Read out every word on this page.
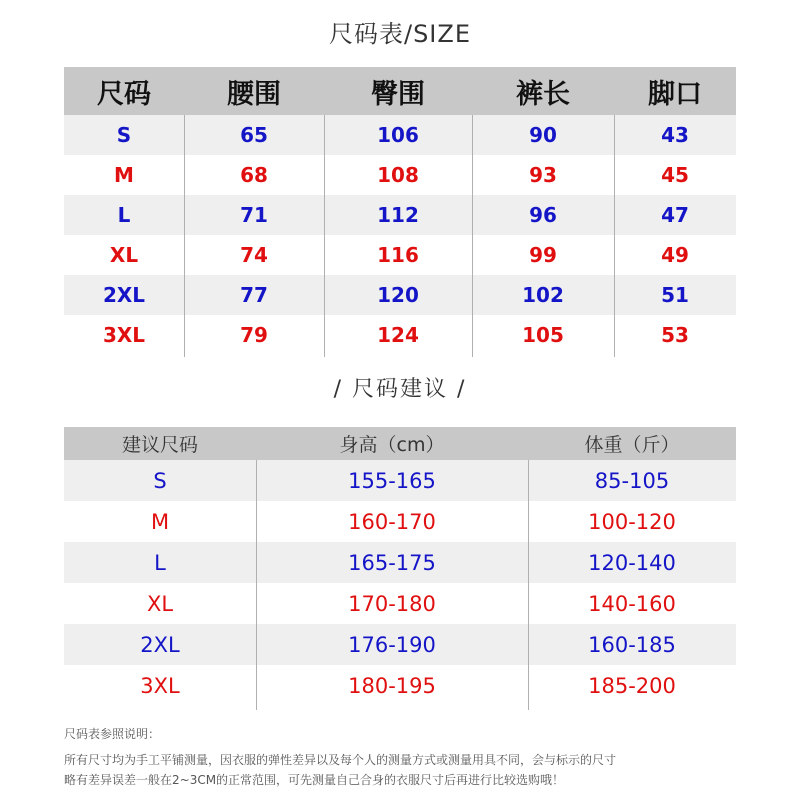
尺码表/SIZE
尺码	腰围	臀围	裤长	脚口
S	65	106	90	43
M	68	108	93	45
L	71	112	96	47
XL	74	116	99	49
2XL	77	120	102	51
3XL	79	124	105	53
/ 尺码建议 /
建议尺码	身高（cm）	体重（斤）
S	155-165	85-105
M	160-170	100-120
L	165-175	120-140
XL	170-180	140-160
2XL	176-190	160-185
3XL	180-195	185-200
尺码表参照说明：
所有尺寸均为手工平铺测量，因衣服的弹性差异以及每个人的测量方式或测量用具不同，会与标示的尺寸
略有差异误差一般在2~3CM的正常范围，可先测量自己合身的衣服尺寸后再进行比较选购哦！
